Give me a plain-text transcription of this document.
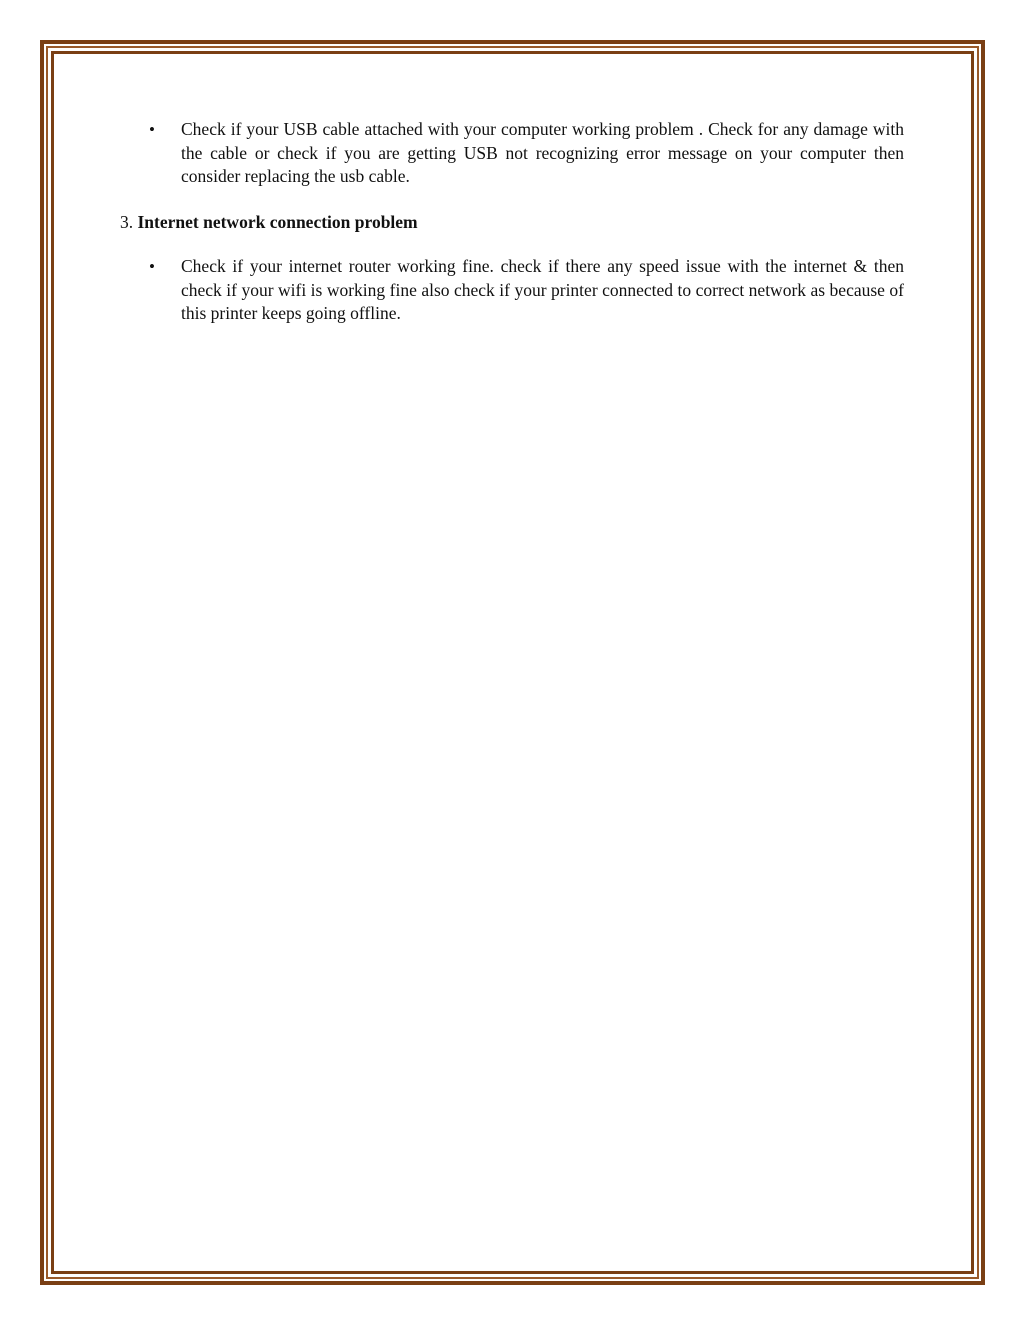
• Check if your USB cable attached with your computer working problem . Check for any damage with the cable or check if you are getting USB not recognizing error message on your computer then consider replacing the usb cable.
3. Internet network connection problem
• Check if your internet router working fine. check if there any speed issue with the internet & then check if your wifi is working fine also check if your printer connected to correct network as because of this printer keeps going offline.
